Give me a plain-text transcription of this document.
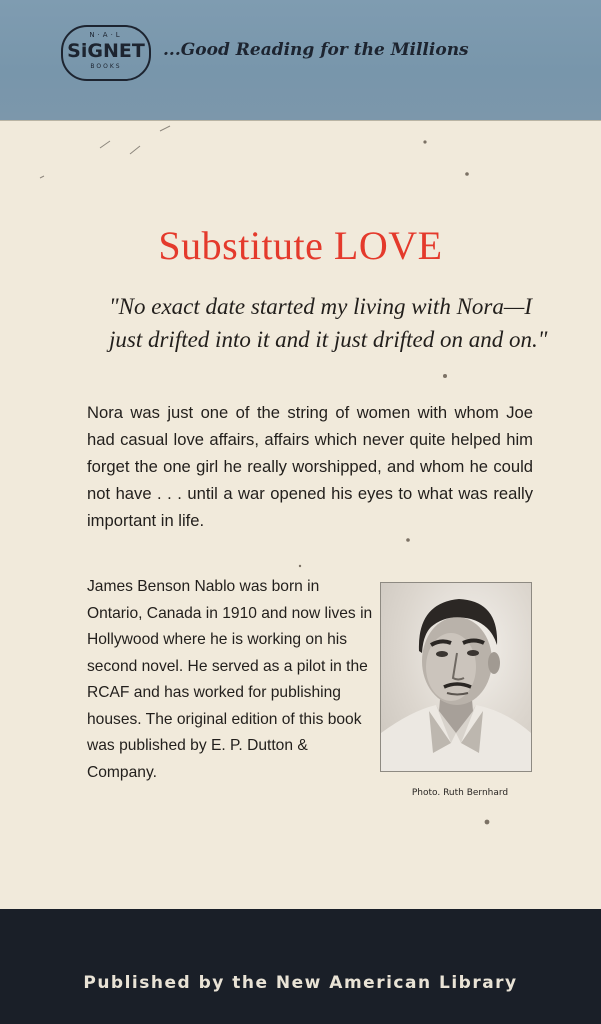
N·A·L
SiGNET
BOOKS
...Good Reading for the Millions
Substitute LOVE
"No exact date started my living with Nora—I just drifted into it and it just drifted on and on."
Nora was just one of the string of women with whom Joe had casual love affairs, affairs which never quite helped him forget the one girl he really worshipped, and whom he could not have . . . until a war opened his eyes to what was really important in life.
James Benson Nablo was born in Ontario, Canada in 1910 and now lives in Hollywood where he is working on his second novel. He served as a pilot in the RCAF and has worked for publishing houses. The original edition of this book was published by E. P. Dutton & Company.
Photo. Ruth Bernhard
Published by the New American Library
